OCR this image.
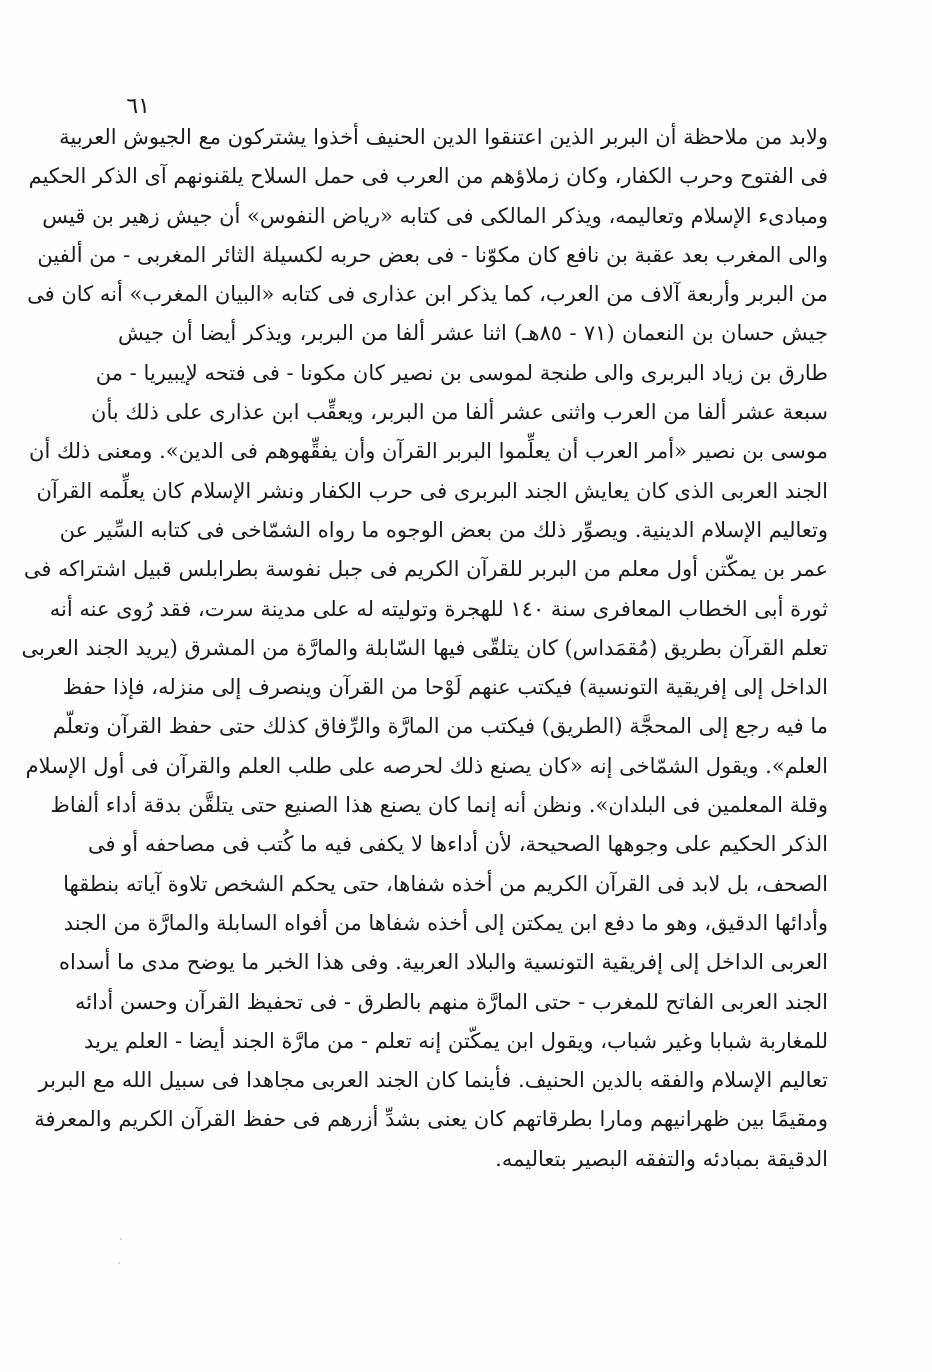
٦١
ولابد من ملاحظة أن البربر الذين اعتنقوا الدين الحنيف أخذوا يشتركون مع الجيوش العربية
فى الفتوح وحرب الكفار، وكان زملاؤهم من العرب فى حمل السلاح يلقنونهم آى الذكر الحكيم
ومبادىء الإسلام وتعاليمه، ويذكر المالكى فى كتابه «رياض النفوس» أن جيش زهير بن قيس
والى المغرب بعد عقبة بن نافع كان مكوّنا - فى بعض حربه لكسيلة الثائر المغربى - من ألفين
من البربر وأربعة آلاف من العرب، كما يذكر ابن عذارى فى كتابه «البيان المغرب» أنه كان فى
جيش حسان بن النعمان (٧١ - ٨٥هـ) اثنا عشر ألفا من البربر، ويذكر أيضا أن جيش
طارق بن زياد البربرى والى طنجة لموسى بن نصير كان مكونا - فى فتحه لإيبيريا - من
سبعة عشر ألفا من العرب واثنى عشر ألفا من البربر، ويعقِّب ابن عذارى على ذلك بأن
موسى بن نصير «أمر العرب أن يعلِّموا البربر القرآن وأن يفقِّهوهم فى الدين». ومعنى ذلك أن
الجند العربى الذى كان يعايش الجند البربرى فى حرب الكفار ونشر الإسلام كان يعلِّمه القرآن
وتعاليم الإسلام الدينية. ويصوِّر ذلك من بعض الوجوه ما رواه الشمّاخى فى كتابه السِّير عن
عمر بن يمكّتن أول معلم من البربر للقرآن الكريم فى جبل نفوسة بطرابلس قبيل اشتراكه فى
ثورة أبى الخطاب المعافرى سنة ١٤٠ للهجرة وتوليته له على مدينة سرت، فقد رُوى عنه أنه
تعلم القرآن بطريق (مُقمَداس) كان يتلقّى فيها السّابلة والمارَّة من المشرق (يريد الجند العربى
الداخل إلى إفريقية التونسية) فيكتب عنهم لَوْحا من القرآن وينصرف إلى منزله، فإذا حفظ
ما فيه رجع إلى المحجَّة (الطريق) فيكتب من المارَّة والرِّفاق كذلك حتى حفظ القرآن وتعلّم
العلم». ويقول الشمّاخى إنه «كان يصنع ذلك لحرصه على طلب العلم والقرآن فى أول الإسلام
وقلة المعلمين فى البلدان». ونظن أنه إنما كان يصنع هذا الصنيع حتى يتلقَّن بدقة أداء ألفاظ
الذكر الحكيم على وجوهها الصحيحة، لأن أداءها لا يكفى فيه ما كُتب فى مصاحفه أو فى
الصحف، بل لابد فى القرآن الكريم من أخذه شفاها، حتى يحكم الشخص تلاوة آياته بنطقها
وأدائها الدقيق، وهو ما دفع ابن يمكتن إلى أخذه شفاها من أفواه السابلة والمارَّة من الجند
العربى الداخل إلى إفريقية التونسية والبلاد العربية. وفى هذا الخبر ما يوضح مدى ما أسداه
الجند العربى الفاتح للمغرب - حتى المارَّة منهم بالطرق - فى تحفيظ القرآن وحسن أدائه
للمغاربة شبابا وغير شباب، ويقول ابن يمكّتن إنه تعلم - من مارَّة الجند أيضا - العلم يريد
تعاليم الإسلام والفقه بالدين الحنيف. فأينما كان الجند العربى مجاهدا فى سبيل الله مع البربر
ومقيمًا بين ظهرانيهم ومارا بطرقاتهم كان يعنى بشدِّ أزرهم فى حفظ القرآن الكريم والمعرفة
الدقيقة بمبادئه والتفقه البصير بتعاليمه.
